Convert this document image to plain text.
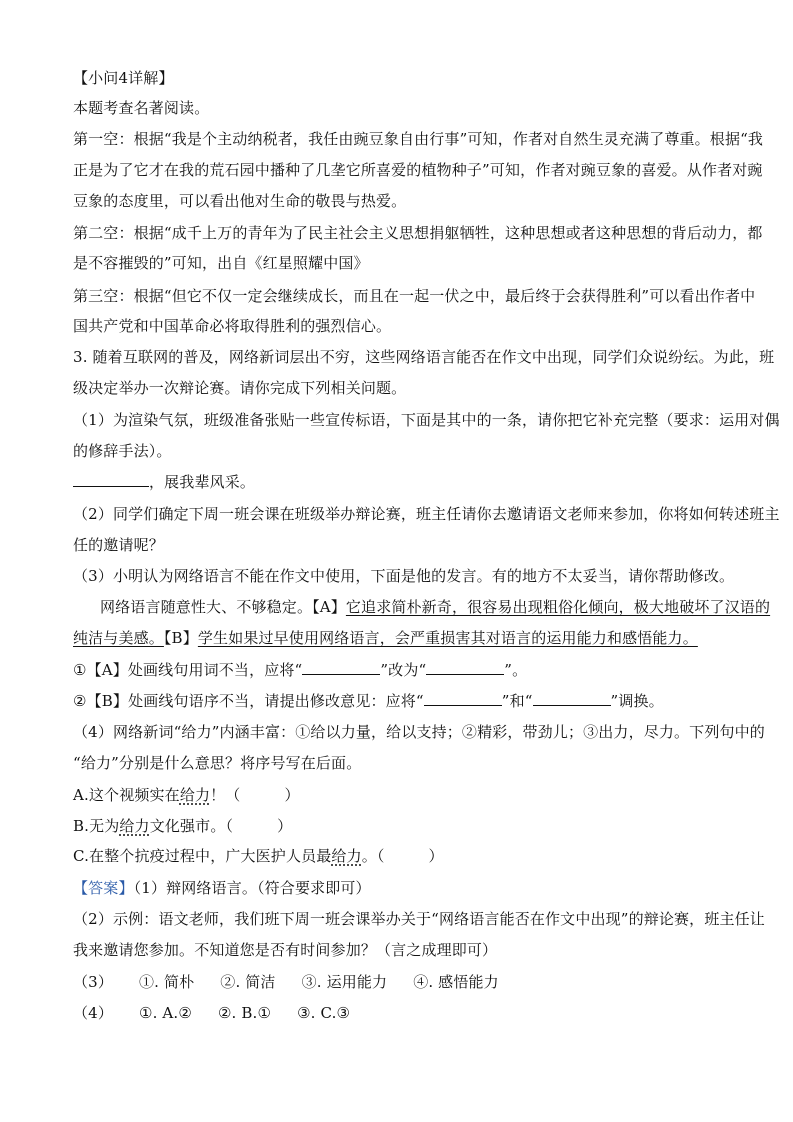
【小问4详解】
本题考查名著阅读。
第一空：根据“我是个主动纳税者，我任由豌豆象自由行事”可知，作者对自然生灵充满了尊重。根据“我
正是为了它才在我的荒石园中播种了几垄它所喜爱的植物种子”可知，作者对豌豆象的喜爱。从作者对豌
豆象的态度里，可以看出他对生命的敬畏与热爱。
第二空：根据“成千上万的青年为了民主社会主义思想捐躯牺牲，这种思想或者这种思想的背后动力，都
是不容摧毁的”可知，出自《红星照耀中国》
第三空：根据“但它不仅一定会继续成长，而且在一起一伏之中，最后终于会获得胜利”可以看出作者中
国共产党和中国革命必将取得胜利的强烈信心。
3. 随着互联网的普及，网络新词层出不穷，这些网络语言能否在作文中出现，同学们众说纷纭。为此，班
级决定举办一次辩论赛。请你完成下列相关问题。
（1）为渲染气氛，班级准备张贴一些宣传标语，下面是其中的一条，请你把它补充完整（要求：运用对偶
的修辞手法）。
，展我辈风采。
（2）同学们确定下周一班会课在班级举办辩论赛，班主任请你去邀请语文老师来参加，你将如何转述班主
任的邀请呢？
（3）小明认为网络语言不能在作文中使用，下面是他的发言。有的地方不太妥当，请你帮助修改。
网络语言随意性大、不够稳定。【A】它追求简朴新奇，很容易出现粗俗化倾向，极大地破坏了汉语的
纯洁与美感。【B】学生如果过早使用网络语言，会严重损害其对语言的运用能力和感悟能力。
①【A】处画线句用词不当，应将“	”改为“	”。
②【B】处画线句语序不当，请提出修改意见：应将“	”和“	”调换。
（4）网络新词“给力”内涵丰富：①给以力量，给以支持；②精彩，带劲儿；③出力，尽力。下列句中的
“给力”分别是什么意思？将序号写在后面。
A.这个视频实在给力！（	）
B.无为给力文化强市。（	）
C.在整个抗疫过程中，广大医护人员最给力。（	）
【答案】（1）辩网络语言。（符合要求即可）
（2）示例：语文老师，我们班下周一班会课举办关于“网络语言能否在作文中出现”的辩论赛，班主任让
我来邀请您参加。不知道您是否有时间参加？（言之成理即可）
（3） ①. 简朴 ②. 简洁 ③. 运用能力 ④. 感悟能力
（4） ①. A.② ②. B.① ③. C.③
